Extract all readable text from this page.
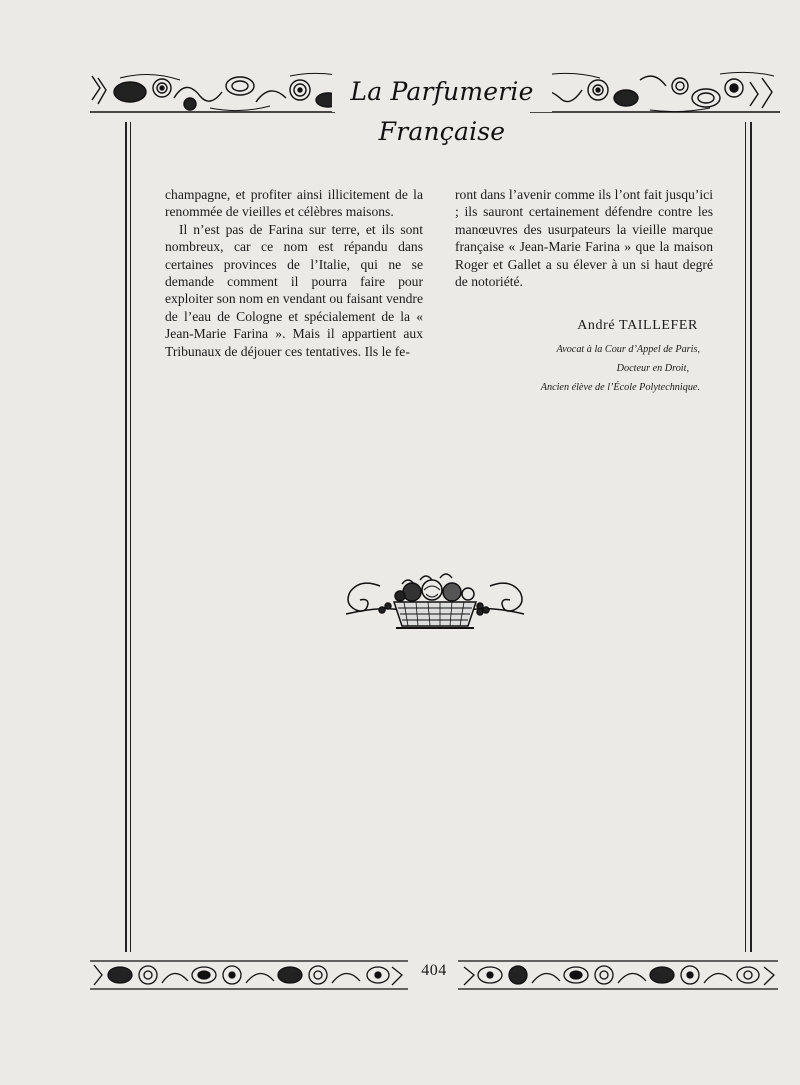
La Parfumerie Française

champagne, et profiter ainsi illicitement de la renommée de vieilles et célèbres maisons.

Il n’est pas de Farina sur terre, et ils sont nombreux, car ce nom est répandu dans certaines provinces de l’Italie, qui ne se demande comment il pourra faire pour exploiter son nom en vendant ou faisant vendre de l’eau de Cologne et spécialement de la « Jean-Marie Farina ». Mais il appartient aux Tribunaux de déjouer ces tentatives. Ils le fe-

ront dans l’avenir comme ils l’ont fait jusqu’ici ; ils sauront certainement défendre contre les manœuvres des usurpateurs la vieille marque française « Jean-Marie Farina » que la maison Roger et Gallet a su élever à un si haut degré de notoriété.

André TAILLEFER
Avocat à la Cour d’Appel de Paris,
Docteur en Droit,
Ancien élève de l’École Polytechnique.
404
